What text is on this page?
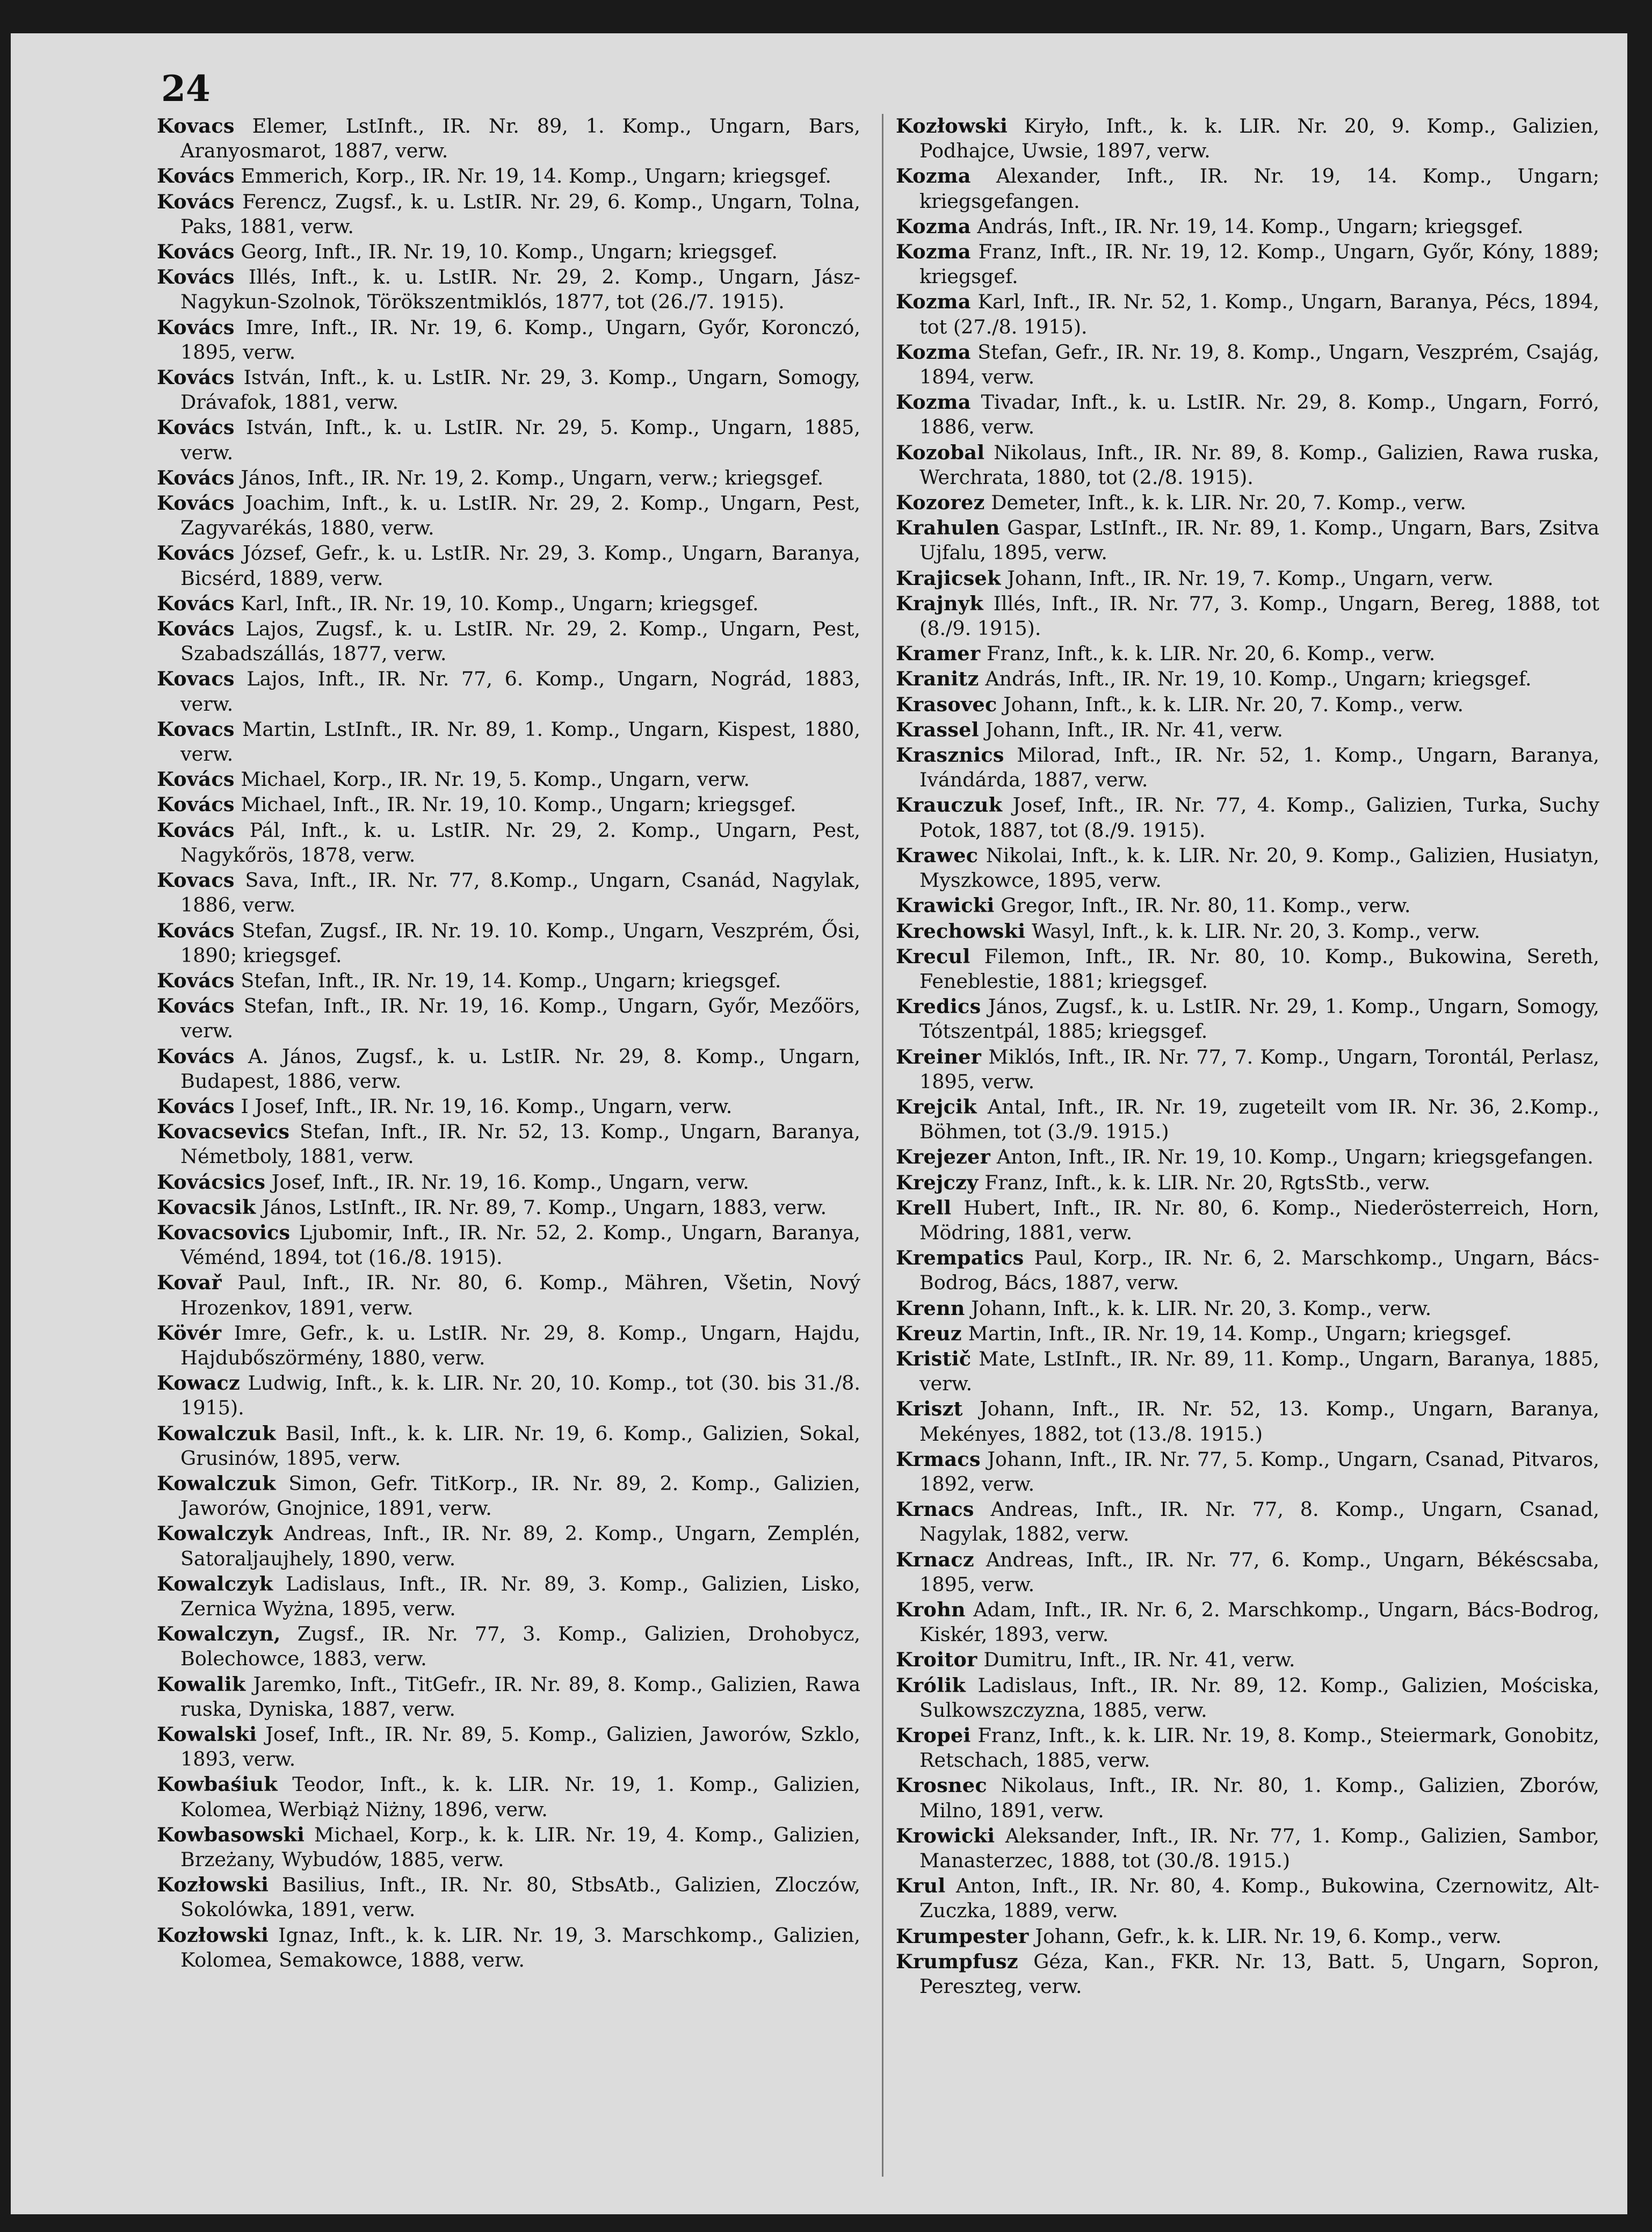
24
Kovacs Elemer, LstInft., IR. Nr. 89, 1. Komp., Ungarn, Bars, Aranyosmarot, 1887, verw.
Kovács Emmerich, Korp., IR. Nr. 19, 14. Komp., Ungarn; kriegsgef.
Kovács Ferencz, Zugsf., k. u. LstIR. Nr. 29, 6. Komp., Ungarn, Tolna, Paks, 1881, verw.
Kovács Georg, Inft., IR. Nr. 19, 10. Komp., Ungarn; kriegsgef.
Kovács Illés, Inft., k. u. LstIR. Nr. 29, 2. Komp., Ungarn, Jász-Nagykun-Szolnok, Törökszentmiklós, 1877, tot (26./7. 1915).
Kovács Imre, Inft., IR. Nr. 19, 6. Komp., Ungarn, Győr, Koronczó, 1895, verw.
Kovács István, Inft., k. u. LstIR. Nr. 29, 3. Komp., Ungarn, Somogy, Drávafok, 1881, verw.
Kovács István, Inft., k. u. LstIR. Nr. 29, 5. Komp., Ungarn, 1885, verw.
Kovács János, Inft., IR. Nr. 19, 2. Komp., Ungarn, verw.; kriegsgef.
Kovács Joachim, Inft., k. u. LstIR. Nr. 29, 2. Komp., Ungarn, Pest, Zagyvarékás, 1880, verw.
Kovács József, Gefr., k. u. LstIR. Nr. 29, 3. Komp., Ungarn, Baranya, Bicsérd, 1889, verw.
Kovács Karl, Inft., IR. Nr. 19, 10. Komp., Ungarn; kriegsgef.
Kovács Lajos, Zugsf., k. u. LstIR. Nr. 29, 2. Komp., Ungarn, Pest, Szabadszállás, 1877, verw.
Kovacs Lajos, Inft., IR. Nr. 77, 6. Komp., Ungarn, Nográd, 1883, verw.
Kovacs Martin, LstInft., IR. Nr. 89, 1. Komp., Ungarn, Kispest, 1880, verw.
Kovács Michael, Korp., IR. Nr. 19, 5. Komp., Ungarn, verw.
Kovács Michael, Inft., IR. Nr. 19, 10. Komp., Ungarn; kriegsgef.
Kovács Pál, Inft., k. u. LstIR. Nr. 29, 2. Komp., Ungarn, Pest, Nagykőrös, 1878, verw.
Kovacs Sava, Inft., IR. Nr. 77, 8.Komp., Ungarn, Csanád, Nagylak, 1886, verw.
Kovács Stefan, Zugsf., IR. Nr. 19. 10. Komp., Ungarn, Veszprém, Ősi, 1890; kriegsgef.
Kovács Stefan, Inft., IR. Nr. 19, 14. Komp., Ungarn; kriegsgef.
Kovács Stefan, Inft., IR. Nr. 19, 16. Komp., Ungarn, Győr, Mezőörs, verw.
Kovács A. János, Zugsf., k. u. LstIR. Nr. 29, 8. Komp., Ungarn, Budapest, 1886, verw.
Kovács I Josef, Inft., IR. Nr. 19, 16. Komp., Ungarn, verw.
Kovacsevics Stefan, Inft., IR. Nr. 52, 13. Komp., Ungarn, Baranya, Németboly, 1881, verw.
Kovácsics Josef, Inft., IR. Nr. 19, 16. Komp., Ungarn, verw.
Kovacsik János, LstInft., IR. Nr. 89, 7. Komp., Ungarn, 1883, verw.
Kovacsovics Ljubomir, Inft., IR. Nr. 52, 2. Komp., Ungarn, Baranya, Véménd, 1894, tot (16./8. 1915).
Kovař Paul, Inft., IR. Nr. 80, 6. Komp., Mähren, Všetin, Nový Hrozenkov, 1891, verw.
Kövér Imre, Gefr., k. u. LstIR. Nr. 29, 8. Komp., Ungarn, Hajdu, Hajdubőszörmény, 1880, verw.
Kowacz Ludwig, Inft., k. k. LIR. Nr. 20, 10. Komp., tot (30. bis 31./8. 1915).
Kowalczuk Basil, Inft., k. k. LIR. Nr. 19, 6. Komp., Galizien, Sokal, Grusinów, 1895, verw.
Kowalczuk Simon, Gefr. TitKorp., IR. Nr. 89, 2. Komp., Galizien, Jaworów, Gnojnice, 1891, verw.
Kowalczyk Andreas, Inft., IR. Nr. 89, 2. Komp., Ungarn, Zemplén, Satoraljaujhely, 1890, verw.
Kowalczyk Ladislaus, Inft., IR. Nr. 89, 3. Komp., Galizien, Lisko, Zernica Wyżna, 1895, verw.
Kowalczyn, Zugsf., IR. Nr. 77, 3. Komp., Galizien, Drohobycz, Bolechowce, 1883, verw.
Kowalik Jaremko, Inft., TitGefr., IR. Nr. 89, 8. Komp., Galizien, Rawa ruska, Dyniska, 1887, verw.
Kowalski Josef, Inft., IR. Nr. 89, 5. Komp., Galizien, Jaworów, Szklo, 1893, verw.
Kowbaśiuk Teodor, Inft., k. k. LIR. Nr. 19, 1. Komp., Galizien, Kolomea, Werbiąż Niżny, 1896, verw.
Kowbasowski Michael, Korp., k. k. LIR. Nr. 19, 4. Komp., Galizien, Brzeżany, Wybudów, 1885, verw.
Kozłowski Basilius, Inft., IR. Nr. 80, StbsAtb., Galizien, Zloczów, Sokolówka, 1891, verw.
Kozłowski Ignaz, Inft., k. k. LIR. Nr. 19, 3. Marschkomp., Galizien, Kolomea, Semakowce, 1888, verw.
Kozłowski Kiryło, Inft., k. k. LIR. Nr. 20, 9. Komp., Galizien, Podhajce, Uwsie, 1897, verw.
Kozma Alexander, Inft., IR. Nr. 19, 14. Komp., Ungarn; kriegsgefangen.
Kozma András, Inft., IR. Nr. 19, 14. Komp., Ungarn; kriegsgef.
Kozma Franz, Inft., IR. Nr. 19, 12. Komp., Ungarn, Győr, Kóny, 1889; kriegsgef.
Kozma Karl, Inft., IR. Nr. 52, 1. Komp., Ungarn, Baranya, Pécs, 1894, tot (27./8. 1915).
Kozma Stefan, Gefr., IR. Nr. 19, 8. Komp., Ungarn, Veszprém, Csajág, 1894, verw.
Kozma Tivadar, Inft., k. u. LstIR. Nr. 29, 8. Komp., Ungarn, Forró, 1886, verw.
Kozobal Nikolaus, Inft., IR. Nr. 89, 8. Komp., Galizien, Rawa ruska, Werchrata, 1880, tot (2./8. 1915).
Kozorez Demeter, Inft., k. k. LIR. Nr. 20, 7. Komp., verw.
Krahulen Gaspar, LstInft., IR. Nr. 89, 1. Komp., Ungarn, Bars, Zsitva Ujfalu, 1895, verw.
Krajicsek Johann, Inft., IR. Nr. 19, 7. Komp., Ungarn, verw.
Krajnyk Illés, Inft., IR. Nr. 77, 3. Komp., Ungarn, Bereg, 1888, tot (8./9. 1915).
Kramer Franz, Inft., k. k. LIR. Nr. 20, 6. Komp., verw.
Kranitz András, Inft., IR. Nr. 19, 10. Komp., Ungarn; kriegsgef.
Krasovec Johann, Inft., k. k. LIR. Nr. 20, 7. Komp., verw.
Krassel Johann, Inft., IR. Nr. 41, verw.
Krasznics Milorad, Inft., IR. Nr. 52, 1. Komp., Ungarn, Baranya, Ivándárda, 1887, verw.
Krauczuk Josef, Inft., IR. Nr. 77, 4. Komp., Galizien, Turka, Suchy Potok, 1887, tot (8./9. 1915).
Krawec Nikolai, Inft., k. k. LIR. Nr. 20, 9. Komp., Galizien, Husiatyn, Myszkowce, 1895, verw.
Krawicki Gregor, Inft., IR. Nr. 80, 11. Komp., verw.
Krechowski Wasyl, Inft., k. k. LIR. Nr. 20, 3. Komp., verw.
Krecul Filemon, Inft., IR. Nr. 80, 10. Komp., Bukowina, Sereth, Feneblestie, 1881; kriegsgef.
Kredics János, Zugsf., k. u. LstIR. Nr. 29, 1. Komp., Ungarn, Somogy, Tótszentpál, 1885; kriegsgef.
Kreiner Miklós, Inft., IR. Nr. 77, 7. Komp., Ungarn, Torontál, Perlasz, 1895, verw.
Krejcik Antal, Inft., IR. Nr. 19, zugeteilt vom IR. Nr. 36, 2.Komp., Böhmen, tot (3./9. 1915.)
Krejezer Anton, Inft., IR. Nr. 19, 10. Komp., Ungarn; kriegsgefangen.
Krejczy Franz, Inft., k. k. LIR. Nr. 20, RgtsStb., verw.
Krell Hubert, Inft., IR. Nr. 80, 6. Komp., Niederösterreich, Horn, Mödring, 1881, verw.
Krempatics Paul, Korp., IR. Nr. 6, 2. Marschkomp., Ungarn, Bács-Bodrog, Bács, 1887, verw.
Krenn Johann, Inft., k. k. LIR. Nr. 20, 3. Komp., verw.
Kreuz Martin, Inft., IR. Nr. 19, 14. Komp., Ungarn; kriegsgef.
Kristič Mate, LstInft., IR. Nr. 89, 11. Komp., Ungarn, Baranya, 1885, verw.
Kriszt Johann, Inft., IR. Nr. 52, 13. Komp., Ungarn, Baranya, Mekényes, 1882, tot (13./8. 1915.)
Krmacs Johann, Inft., IR. Nr. 77, 5. Komp., Ungarn, Csanad, Pitvaros, 1892, verw.
Krnacs Andreas, Inft., IR. Nr. 77, 8. Komp., Ungarn, Csanad, Nagylak, 1882, verw.
Krnacz Andreas, Inft., IR. Nr. 77, 6. Komp., Ungarn, Békéscsaba, 1895, verw.
Krohn Adam, Inft., IR. Nr. 6, 2. Marschkomp., Ungarn, Bács-Bodrog, Kiskér, 1893, verw.
Kroitor Dumitru, Inft., IR. Nr. 41, verw.
Królik Ladislaus, Inft., IR. Nr. 89, 12. Komp., Galizien, Mościska, Sulkowszczyzna, 1885, verw.
Kropei Franz, Inft., k. k. LIR. Nr. 19, 8. Komp., Steiermark, Gonobitz, Retschach, 1885, verw.
Krosnec Nikolaus, Inft., IR. Nr. 80, 1. Komp., Galizien, Zborów, Milno, 1891, verw.
Krowicki Aleksander, Inft., IR. Nr. 77, 1. Komp., Galizien, Sambor, Manasterzec, 1888, tot (30./8. 1915.)
Krul Anton, Inft., IR. Nr. 80, 4. Komp., Bukowina, Czernowitz, Alt-Zuczka, 1889, verw.
Krumpester Johann, Gefr., k. k. LIR. Nr. 19, 6. Komp., verw.
Krumpfusz Géza, Kan., FKR. Nr. 13, Batt. 5, Ungarn, Sopron, Pereszteg, verw.
